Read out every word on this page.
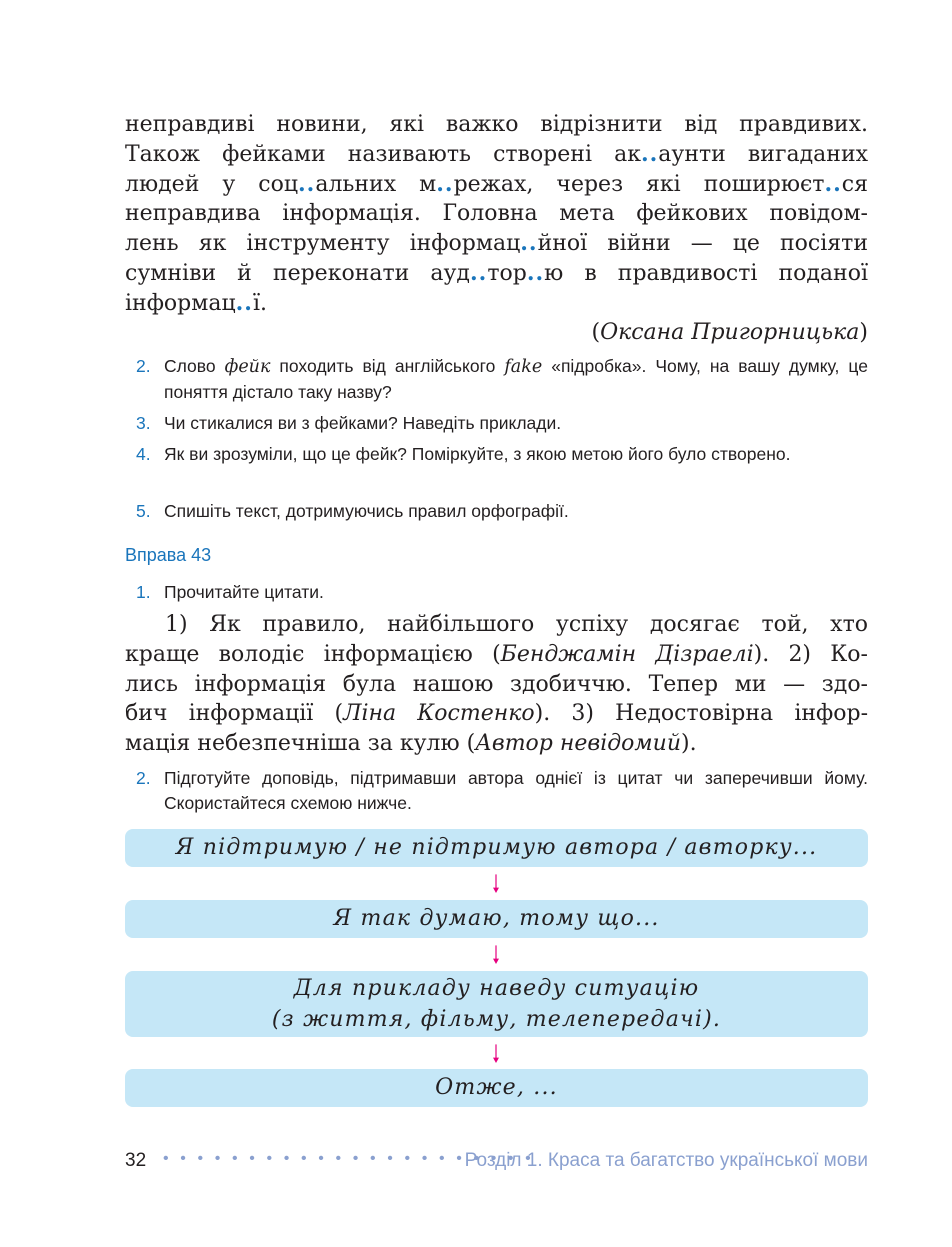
неправдиві новини, які важко відрізнити від правдивих.
Також фейками називають створені ак..аунти вигаданих
людей у соц..альних м..режах, через які поширюєт..ся
неправдива інформація. Головна мета фейкових повідом-
лень як інструменту інформац..йної війни — це посіяти
сумніви й переконати ауд..тор..ю в правдивості поданої
інформац..ї.
(Оксана Пригорницька)
2. Слово фейк походить від англійського fake «підробка». Чому, на вашу думку, це поняття дістало таку назву?
3. Чи стикалися ви з фейками? Наведіть приклади.
4. Як ви зрозуміли, що це фейк? Поміркуйте, з якою метою його було створено.
5. Спишіть текст, дотримуючись правил орфографії.
Вправа 43
1. Прочитайте цитати.
1) Як правило, найбільшого успіху досягає той, хто
краще володіє інформацією (Бенджамін Дізраелі). 2) Ко-
лись інформація була нашою здобиччю. Тепер ми — здо-
бич інформації (Ліна Костенко). 3) Недостовірна інфор-
мація небезпечніша за кулю (Автор невідомий).
2. Підготуйте доповідь, підтримавши автора однієї із цитат чи заперечивши йому. Скористайтеся схемою нижче.
Я підтримую / не підтримую автора / авторку...
Я так думаю, тому що...
Для прикладу наведу ситуацію
(з життя, фільму, телепередачі).
Отже, ...
32 • • • • • • • • • • • • • • • • • • • • • •
Розділ 1. Краса та багатство української мови
